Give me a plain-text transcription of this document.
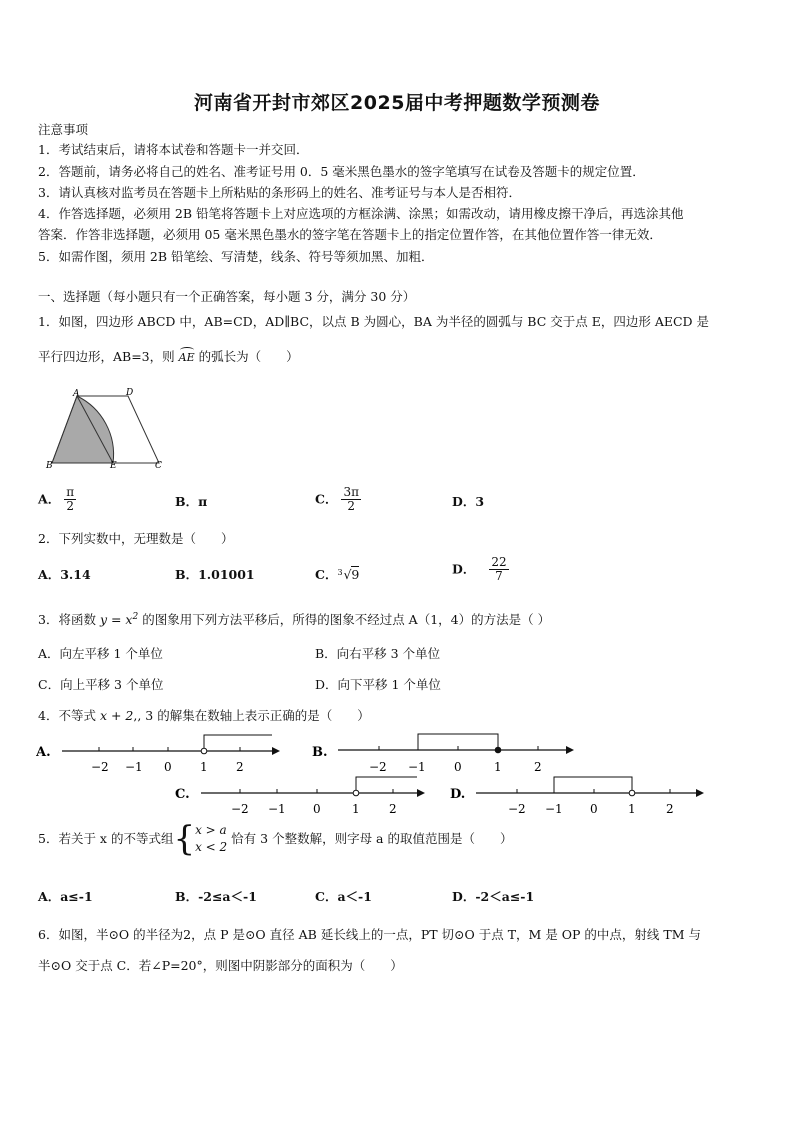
河南省开封市郊区2025届中考押题数学预测卷
注意事项
1．考试结束后，请将本试卷和答题卡一并交回．
2．答题前，请务必将自己的姓名、准考证号用 0．5 毫米黑色墨水的签字笔填写在试卷及答题卡的规定位置．
3．请认真核对监考员在答题卡上所粘贴的条形码上的姓名、准考证号与本人是否相符．
4．作答选择题，必须用 2B 铅笔将答题卡上对应选项的方框涂满、涂黑；如需改动，请用橡皮擦干净后，再选涂其他
答案．作答非选择题，必须用 05 毫米黑色墨水的签字笔在答题卡上的指定位置作答，在其他位置作答一律无效．
5．如需作图，须用 2B 铅笔绘、写清楚，线条、符号等须加黑、加粗．
一、选择题（每小题只有一个正确答案，每小题 3 分，满分 30 分）
1．如图，四边形 ABCD 中，AB=CD，AD∥BC，以点 B 为圆心，BA 为半径的圆弧与 BC 交于点 E，四边形 AECD 是
平行四边形，AB=3，则 AE 的弧长为（　　）
A	D
B	E	C
A． $\frac{\pi}{2}$	B．π	C． $\frac{3\pi}{2}$	D．3
2．下列实数中，无理数是（　　）
A．3.14	B．1.01001	C． 3 √9	D． $\frac{22}{7}$
3．将函数 $y = x^2$ 的图象用下列方法平移后，所得的图象不经过点 A（1，4）的方法是（ ）
A．向左平移 1 个单位	B．向右平移 3 个单位
C．向上平移 3 个单位	D．向下平移 1 个单位
4．不等式 x + 2,, 3 的解集在数轴上表示正确的是（　　）
A.
−2 −1 0 1 2
B.
−2 −1 0	1	2
C.
−2 −1 0	1 2
D.
−2 −1 0	1	2
5．若关于 x 的不等式组{ x > a
x < 2
恰有 3 个整数解，则字母 a 的取值范围是（　　）
A．a≤-1	B．-2≤a＜-1	C．a＜-1	D．-2＜a≤-1
6．如图，半⊙O 的半径为2，点 P 是⊙O 直径 AB 延长线上的一点，PT 切⊙O 于点 T，M 是 OP 的中点，射线 TM 与
半⊙O 交于点 C．若∠P=20°，则图中阴影部分的面积为（　　）
